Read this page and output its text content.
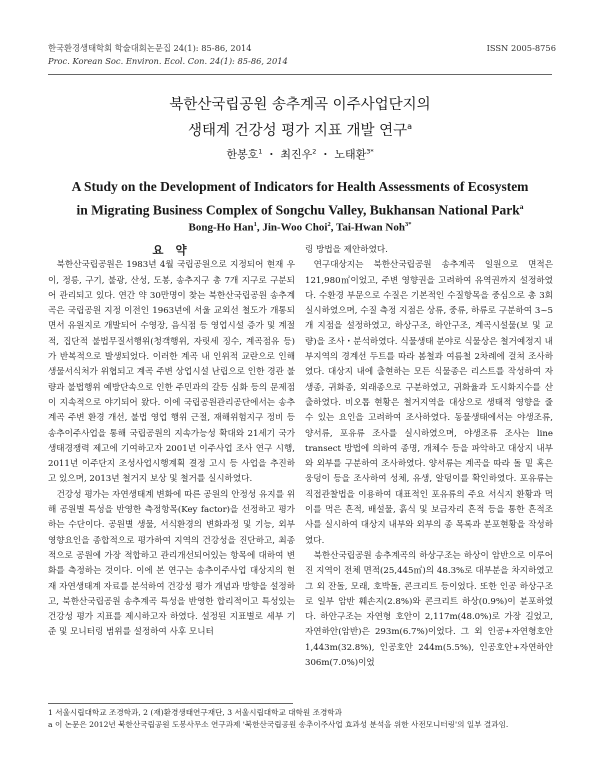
한국환경생태학회 학술대회논문집 24(1): 85-86, 2014
Proc. Korean Soc. Environ. Ecol. Con. 24(1): 85-86, 2014
ISSN 2005-8756
북한산국립공원 송추계곡 이주사업단지의
생태계 건강성 평가 지표 개발 연구$^a$
한봉호$^1$ ・ 최진우$^2$ ・ 노태환$^{3*}$
A Study on the Development of Indicators for Health Assessments of Ecosystem
in Migrating Business Complex of Songchu Valley, Bukhansan National Park$^a$
Bong-Ho Han$^1$, Jin-Woo Choi$^2$, Tai-Hwan Noh$^{3*}$

요 약

북한산국립공원은 1983년 4월 국립공원으로 지정되어 현재 우이, 정릉, 구기, 불광, 산성, 도봉, 송추지구 총 7개 지구로 구분되어 관리되고 있다. 연간 약 30만명이 찾는 북한산국립공원 송추계곡은 국립공원 지정 이전인 1963년에 서울 교외선 철도가 개통되면서 유원지로 개발되어 수영장, 음식점 등 영업시설 증가 및 계절적, 집단적 불법무질서행위(청객행위, 자릿세 징수, 계곡점유 등)가 반복적으로 발생되었다. 이러한 계곡 내 인위적 교란으로 인해 생물서식처가 위협되고 계곡 주변 상업시설 난립으로 인한 경관 불량과 불법행위 예방단속으로 인한 주민과의 갈등 심화 등의 문제점이 지속적으로 야기되어 왔다. 이에 국립공원관리공단에서는 송추계곡 주변 환경 개선, 불법 영업 행위 근절, 재해위험지구 정비 등 송추이주사업을 통해 국립공원의 지속가능성 확대와 21세기 국가 생태경쟁력 제고에 기여하고자 2001년 이주사업 조사 연구 시행, 2011년 이주단지 조성사업시행계획 결정 고시 등 사업을 추진하고 있으며, 2013년 철거지 보상 및 철거를 실시하였다.

건강성 평가는 자연생태계 변화에 따른 공원의 안정성 유지를 위해 공원별 특성을 반영한 측정항목(Key factor)을 선정하고 평가하는 수단이다. 공원별 생물, 서식환경의 변화과정 및 기능, 외부 영향요인을 종합적으로 평가하여 지역의 건강성을 진단하고, 최종적으로 공원에 가장 적합하고 관리개선되어있는 항목에 대하여 변화를 측정하는 것이다. 이에 본 연구는 송추이주사업 대상지의 현재 자연생태계 자료를 분석하여 건강성 평가 개념과 방향을 설정하고, 북한산국립공원 송추계곡 특성을 반영한 합리적이고 특성있는 건강성 평가 지표를 제시하고자 하였다. 설정된 지표별로 세부 기준 및 모니터링 범위를 설정하여 사후 모니터

링 방법을 제안하였다.

연구대상지는 북한산국립공원 송추계곡 일원으로 면적은 121,980㎡이었고, 주변 영향권을 고려하여 유역권까지 설정하였다. 수환경 부문으로 수질은 기본적인 수질항목을 중심으로 총 3회 실시하였으며, 수질 측정 지점은 상류, 중류, 하류로 구분하여 3~5개 지점을 설정하였고, 하상구조, 하안구조, 계곡시설물(보 및 교량)을 조사・분석하였다. 식물생태 분야로 식물상은 철거예정지 내부지역의 경계선 두트를 따라 봄철과 여름철 2차례에 걸쳐 조사하였다. 대상지 내에 출현하는 모든 식물종은 리스트를 작성하여 자생종, 귀화종, 외래종으로 구분하였고, 귀화율과 도시화지수를 산출하였다. 비오톱 현황은 철거지역을 대상으로 생태적 영향을 줄 수 있는 요인을 고려하여 조사하였다. 동물생태에서는 야생조류, 양서류, 포유류 조사를 실시하였으며, 야생조류 조사는 line transect 방법에 의하여 종명, 개체수 등을 파악하고 대상지 내부와 외부를 구분하여 조사하였다. 양서류는 계곡을 따라 돌 밑 혹은 웅덩이 등을 조사하여 성체, 유생, 알덩이를 확인하였다. 포유류는 직접관찰법을 이용하여 대표적인 포유류의 주요 서식지 환황과 먹이를 먹은 흔적, 배설물, 흙식 및 보금자리 흔적 등을 통한 흔적조사를 실시하여 대상지 내부와 외부의 종 목록과 분포현황을 작성하였다.

북한산국립공원 송추계곡의 하상구조는 하상이 암반으로 이루어진 지역이 전체 면적(25,445㎡)의 48.3%로 대부분을 차지하였고 그 외 잔돌, 모래, 호박돌, 콘크리트 등이었다. 또한 인공 하상구조로 일부 암반 훼손지(2.8%)와 콘크리트 하상(0.9%)이 분포하였다. 하안구조는 자연형 호안이 2,117m(48.0%)로 가장 길었고, 자연하안(암반)은 293m(6.7%)이었다. 그 외 인공+자연형호안 1,443m(32.8%), 인공호안 244m(5.5%), 인공호안+자연하안 306m(7.0%)이었

1 서울시립대학교 조경학과, 2 (재)환경생태연구재단, 3 서울시립대학교 대학원 조경학과
a 이 논문은 2012년 북한산국립공원 도봉사무소 연구과제 '북한산국립공원 송추이주사업 효과성 분석을 위한 사전모니터링'의 일부 결과임.
